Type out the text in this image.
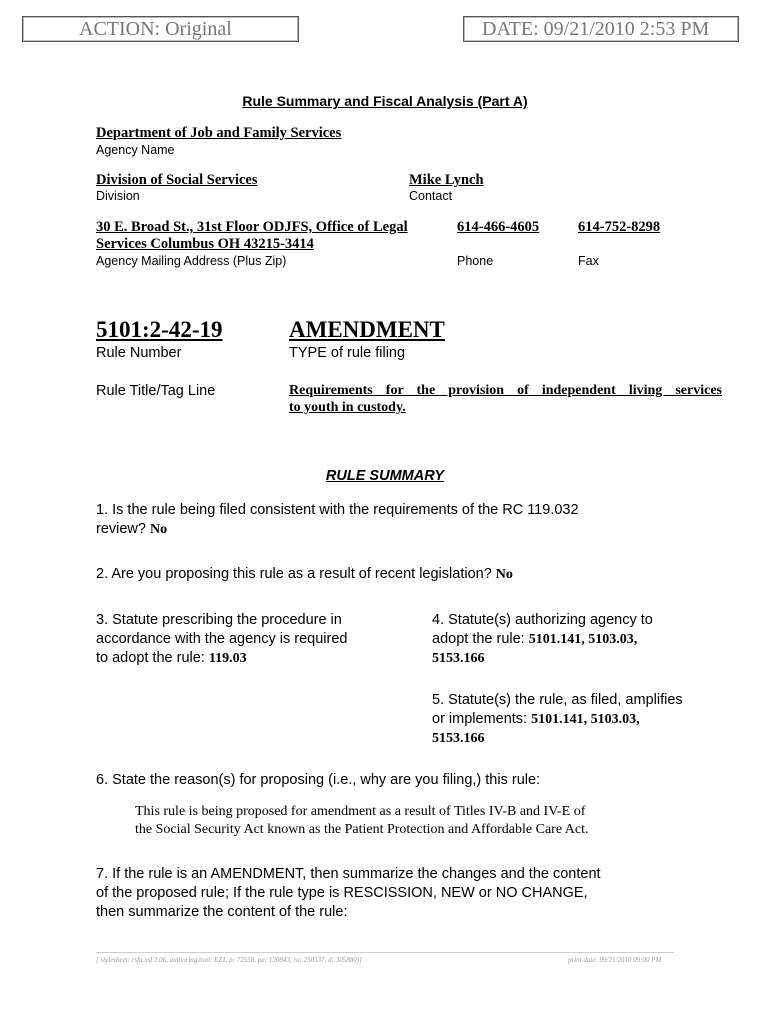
ACTION: Original	DATE: 09/21/2010 2:53 PM
Rule Summary and Fiscal Analysis (Part A)
Department of Job and Family Services
Agency Name
Division of Social Services
Division
Mike Lynch
Contact
30 E. Broad St., 31st Floor ODJFS, Office of Legal
Services Columbus OH 43215-3414
Agency Mailing Address (Plus Zip)
614-466-4605
Phone
614-752-8298
Fax
5101:2-42-19
Rule Number
AMENDMENT
TYPE of rule filing
Rule Title/Tag Line	Requirements for the provision of independent living services
to youth in custody.
RULE SUMMARY
1. Is the rule being filed consistent with the requirements of the RC 119.032
review? No
2. Are you proposing this rule as a result of recent legislation? No
3. Statute prescribing the procedure in
accordance with the agency is required
to adopt the rule: 119.03
4. Statute(s) authorizing agency to
adopt the rule: 5101.141, 5103.03,
5153.166
5. Statute(s) the rule, as filed, amplifies
or implements: 5101.141, 5103.03,
5153.166
6. State the reason(s) for proposing (i.e., why are you filing,) this rule:
This rule is being proposed for amendment as a result of Titles IV-B and IV-E of
the Social Security Act known as the Patient Protection and Affordable Care Act.
7. If the rule is an AMENDMENT, then summarize the changes and the content
of the proposed rule; If the rule type is RESCISSION, NEW or NO CHANGE,
then summarize the content of the rule:
[ stylesheet: rsfa.xsl 2.06, authoring tool: EZ1, p: 72558, pa: 120843, ra: 250537, d: 305880)]	print date: 09/21/2010 09:00 PM
